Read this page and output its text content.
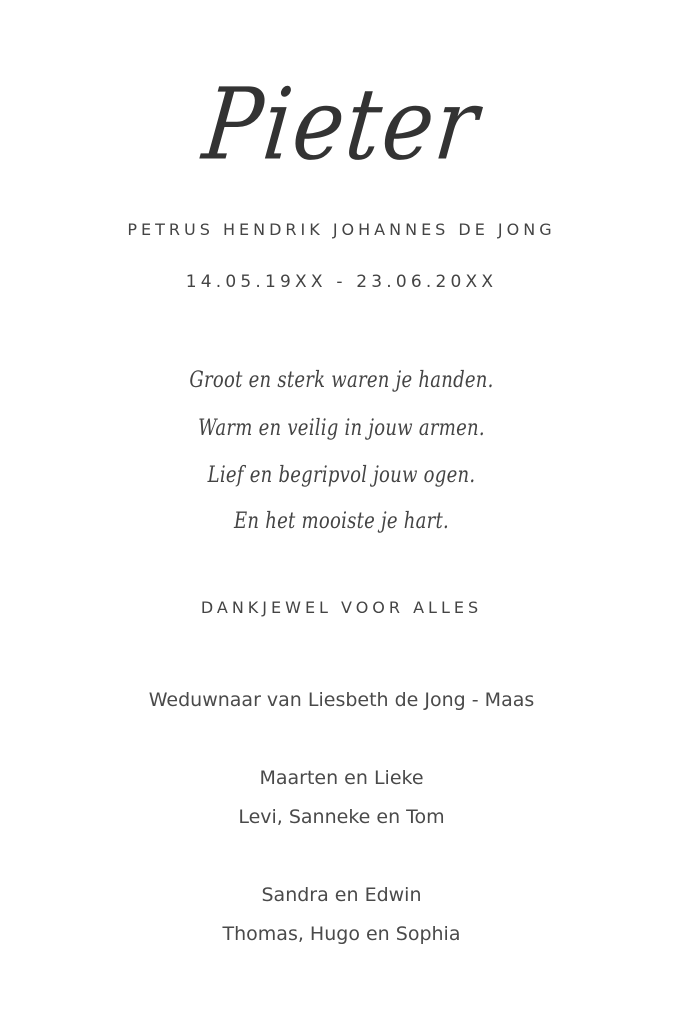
Pieter
PETRUS HENDRIK JOHANNES DE JONG
14.05.19XX - 23.06.20XX
Groot en sterk waren je handen.
Warm en veilig in jouw armen.
Lief en begripvol jouw ogen.
En het mooiste je hart.
DANKJEWEL VOOR ALLES
Weduwnaar van Liesbeth de Jong - Maas
Maarten en Lieke
Levi, Sanneke en Tom
Sandra en Edwin
Thomas, Hugo en Sophia
